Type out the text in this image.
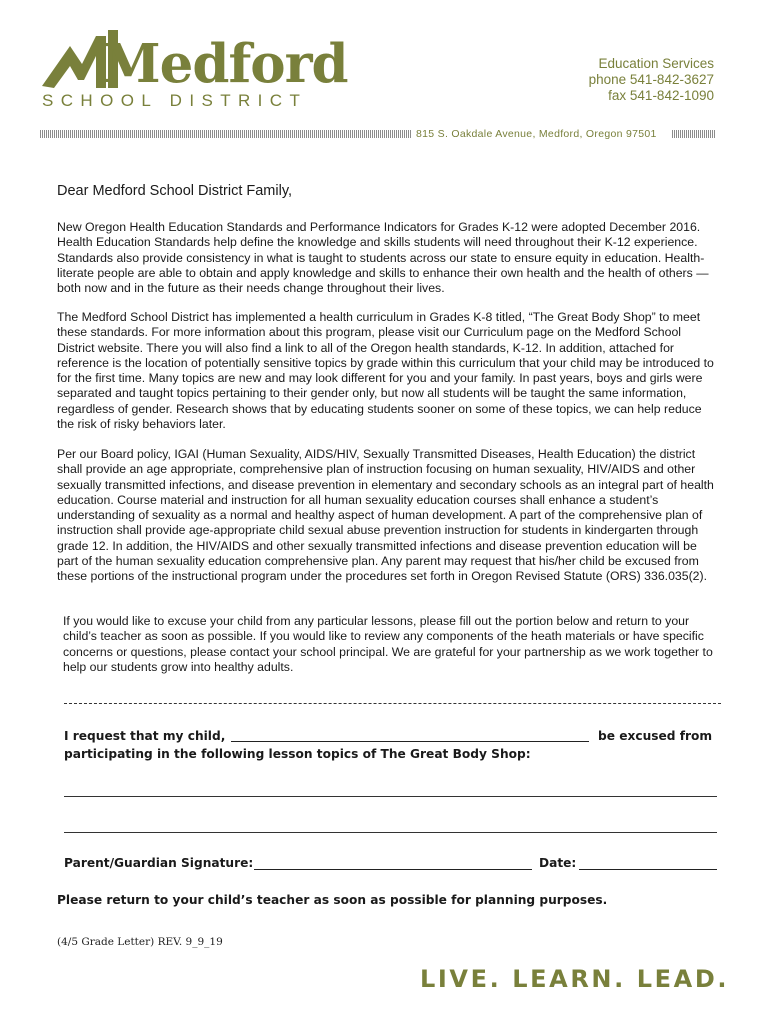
Medford
SCHOOL DISTRICT
Education Services
phone 541-842-3627
fax 541-842-1090
815 S. Oakdale Avenue, Medford, Oregon 97501
Dear Medford School District Family,

New Oregon Health Education Standards and Performance Indicators for Grades K-12 were adopted December 2016. Health Education Standards help define the knowledge and skills students will need throughout their K-12 experience. Standards also provide consistency in what is taught to students across our state to ensure equity in education. Health-literate people are able to obtain and apply knowledge and skills to enhance their own health and the health of others — both now and in the future as their needs change throughout their lives.

The Medford School District has implemented a health curriculum in Grades K-8 titled, “The Great Body Shop” to meet these standards. For more information about this program, please visit our Curriculum page on the Medford School District website. There you will also find a link to all of the Oregon health standards, K-12. In addition, attached for reference is the location of potentially sensitive topics by grade within this curriculum that your child may be introduced to for the first time. Many topics are new and may look different for you and your family. In past years, boys and girls were separated and taught topics pertaining to their gender only, but now all students will be taught the same information, regardless of gender. Research shows that by educating students sooner on some of these topics, we can help reduce the risk of risky behaviors later.

Per our Board policy, IGAI (Human Sexuality, AIDS/HIV, Sexually Transmitted Diseases, Health Education) the district shall provide an age appropriate, comprehensive plan of instruction focusing on human sexuality, HIV/AIDS and other sexually transmitted infections, and disease prevention in elementary and secondary schools as an integral part of health education. Course material and instruction for all human sexuality education courses shall enhance a student’s understanding of sexuality as a normal and healthy aspect of human development. A part of the comprehensive plan of instruction shall provide age-appropriate child sexual abuse prevention instruction for students in kindergarten through grade 12. In addition, the HIV/AIDS and other sexually transmitted infections and disease prevention education will be part of the human sexuality education comprehensive plan. Any parent may request that his/her child be excused from these portions of the instructional program under the procedures set forth in Oregon Revised Statute (ORS) 336.035(2).

If you would like to excuse your child from any particular lessons, please fill out the portion below and return to your child’s teacher as soon as possible. If you would like to review any components of the heath materials or have specific concerns or questions, please contact your school principal. We are grateful for your partnership as we work together to help our students grow into healthy adults.

I request that my child,	be excused from
participating in the following lesson topics of The Great Body Shop:
Parent/Guardian Signature:	Date:
Please return to your child’s teacher as soon as possible for planning purposes.
(4/5 Grade Letter) REV. 9_9_19
LIVE. LEARN. LEAD.
